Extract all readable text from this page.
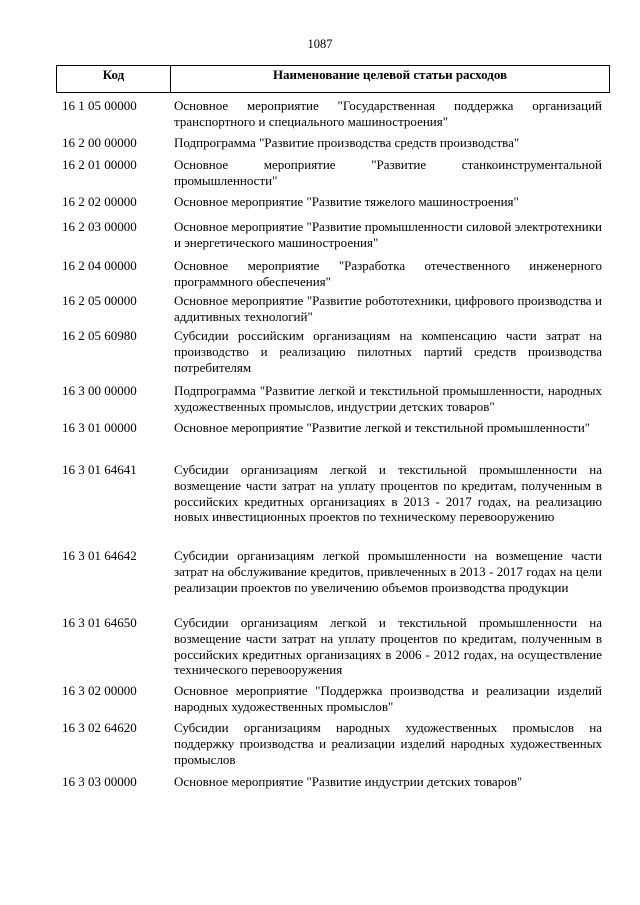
1087
Код	Наименование целевой статьи расходов
16 1 05 00000	Основное мероприятие "Государственная поддержка организаций транспортного и специального машиностроения"
16 2 00 00000	Подпрограмма "Развитие производства средств производства"
16 2 01 00000	Основное мероприятие "Развитие станкоинструментальной промышленности"
16 2 02 00000	Основное мероприятие "Развитие тяжелого машиностроения"
16 2 03 00000	Основное мероприятие "Развитие промышленности силовой электротехники и энергетического машиностроения"
16 2 04 00000	Основное мероприятие "Разработка отечественного инженерного программного обеспечения"
16 2 05 00000	Основное мероприятие "Развитие робототехники, цифрового производства и аддитивных технологий"
16 2 05 60980	Субсидии российским организациям на компенсацию части затрат на производство и реализацию пилотных партий средств производства потребителям
16 3 00 00000	Подпрограмма "Развитие легкой и текстильной промышленности, народных художественных промыслов, индустрии детских товаров"
16 3 01 00000	Основное мероприятие "Развитие легкой и текстильной промышленности"
16 3 01 64641	Субсидии организациям легкой и текстильной промышленности на возмещение части затрат на уплату процентов по кредитам, полученным в российских кредитных организациях в 2013 - 2017 годах, на реализацию новых инвестиционных проектов по техническому перевооружению
16 3 01 64642	Субсидии организациям легкой промышленности на возмещение части затрат на обслуживание кредитов, привлеченных в 2013 - 2017 годах на цели реализации проектов по увеличению объемов производства продукции
16 3 01 64650	Субсидии организациям легкой и текстильной промышленности на возмещение части затрат на уплату процентов по кредитам, полученным в российских кредитных организациях в 2006 - 2012 годах, на осуществление технического перевооружения
16 3 02 00000	Основное мероприятие "Поддержка производства и реализации изделий народных художественных промыслов"
16 3 02 64620	Субсидии организациям народных художественных промыслов на поддержку производства и реализации изделий народных художественных промыслов
16 3 03 00000	Основное мероприятие "Развитие индустрии детских товаров"
